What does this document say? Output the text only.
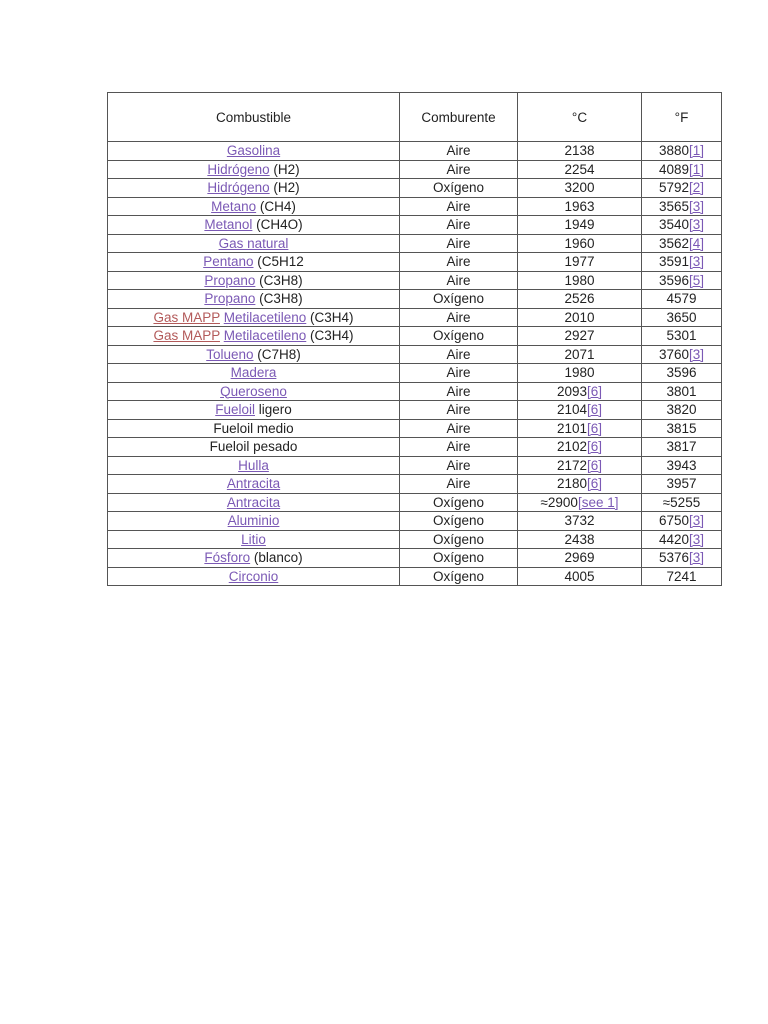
Combustible	Comburente	°C	°F
Gasolina	Aire	2138	3880[1]
Hidrógeno (H2)	Aire	2254	4089[1]
Hidrógeno (H2)	Oxígeno	3200	5792[2]
Metano (CH4)	Aire	1963	3565[3]
Metanol (CH4O)	Aire	1949	3540[3]
Gas natural	Aire	1960	3562[4]
Pentano (C5H12	Aire	1977	3591[3]
Propano (C3H8)	Aire	1980	3596[5]
Propano (C3H8)	Oxígeno	2526	4579
Gas MAPP Metilacetileno (C3H4)	Aire	2010	3650
Gas MAPP Metilacetileno (C3H4)	Oxígeno	2927	5301
Tolueno (C7H8)	Aire	2071	3760[3]
Madera	Aire	1980	3596
Queroseno	Aire	2093[6]	3801
Fueloil ligero	Aire	2104[6]	3820
Fueloil medio	Aire	2101[6]	3815
Fueloil pesado	Aire	2102[6]	3817
Hulla	Aire	2172[6]	3943
Antracita	Aire	2180[6]	3957
Antracita	Oxígeno	≈2900[see 1]	≈5255
Aluminio	Oxígeno	3732	6750[3]
Litio	Oxígeno	2438	4420[3]
Fósforo (blanco)	Oxígeno	2969	5376[3]
Circonio	Oxígeno	4005	7241
